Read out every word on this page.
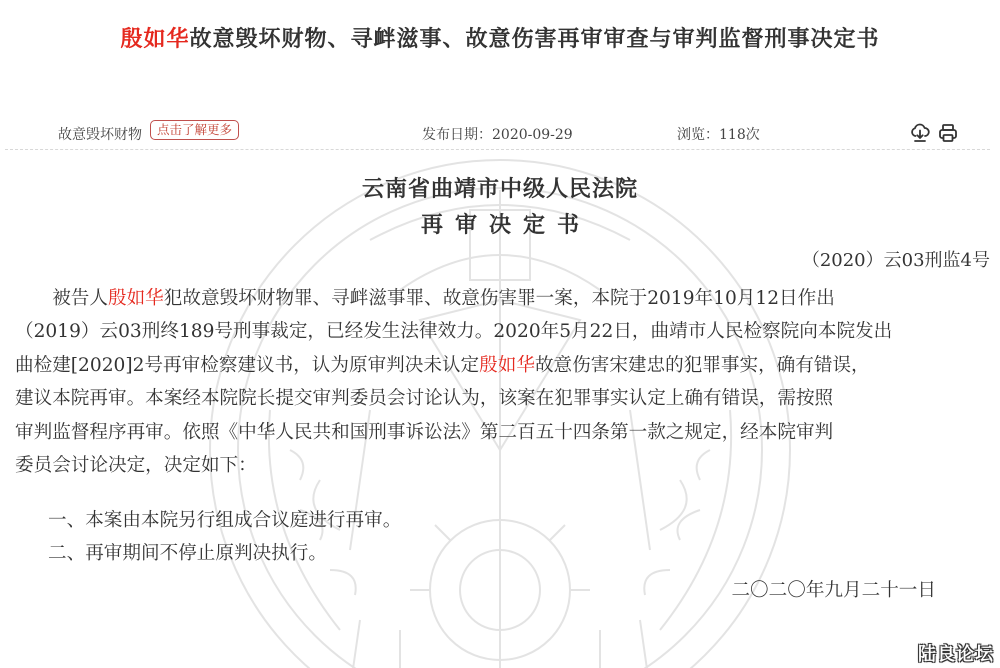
殷如华故意毁坏财物、寻衅滋事、故意伤害再审审查与审判监督刑事决定书
故意毁坏财物	点击了解更多	发布日期：2020-09-29	浏览：118次
云南省曲靖市中级人民法院
再审决定书
（2020）云03刑监4号
　　被告人殷如华犯故意毁坏财物罪、寻衅滋事罪、故意伤害罪一案，本院于2019年10月12日作出
（2019）云03刑终189号刑事裁定，已经发生法律效力。2020年5月22日，曲靖市人民检察院向本院发出
曲检建[2020]2号再审检察建议书，认为原审判决未认定殷如华故意伤害宋建忠的犯罪事实，确有错误，
建议本院再审。本案经本院院长提交审判委员会讨论认为，该案在犯罪事实认定上确有错误，需按照
审判监督程序再审。依照《中华人民共和国刑事诉讼法》第二百五十四条第一款之规定，经本院审判
委员会讨论决定，决定如下：
一、本案由本院另行组成合议庭进行再审。
二、再审期间不停止原判决执行。
二〇二〇年九月二十一日
陆良论坛
